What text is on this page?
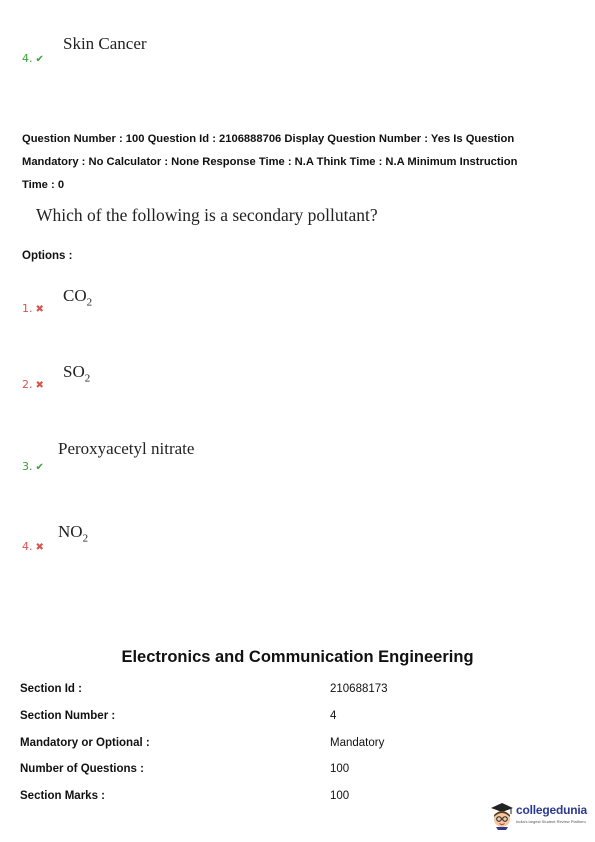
Skin Cancer
4. ✔
Question Number : 100 Question Id : 2106888706 Display Question Number : Yes Is Question
Mandatory : No Calculator : None Response Time : N.A Think Time : N.A Minimum Instruction
Time : 0
Which of the following is a secondary pollutant?
Options :
$CO_2$
1. ✖
$SO_2$
2. ✖
Peroxyacetyl nitrate
3. ✔
$NO_2$
4. ✖
Electronics and Communication Engineering
Section Id :	210688173
Section Number :	4
Mandatory or Optional :	Mandatory
Number of Questions :	100
Section Marks :	100
collegedunia
India's largest Student Review Platform
